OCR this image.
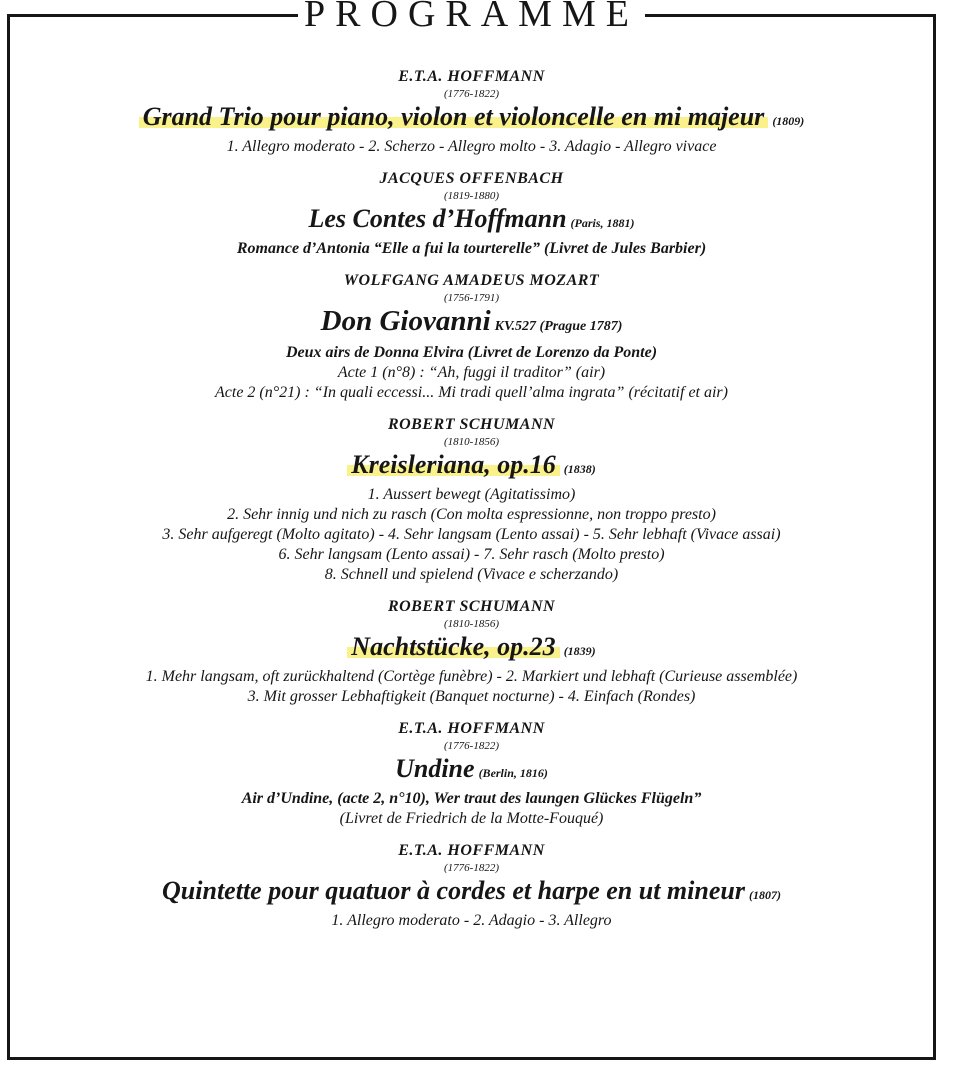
PROGRAMME
E.T.A. HOFFMANN
(1776-1822)
Grand Trio pour piano, violon et violoncelle en mi majeur (1809)
1. Allegro moderato - 2. Scherzo - Allegro molto - 3. Adagio - Allegro vivace
JACQUES OFFENBACH
(1819-1880)
Les Contes d’Hoffmann (Paris, 1881)
Romance d’Antonia “Elle a fui la tourterelle” (Livret de Jules Barbier)
WOLFGANG AMADEUS MOZART
(1756-1791)
Don Giovanni KV.527 (Prague 1787)
Deux airs de Donna Elvira (Livret de Lorenzo da Ponte)
Acte 1 (n°8) : “Ah, fuggi il traditor” (air)
Acte 2 (n°21) : “In quali eccessi... Mi tradi quell’alma ingrata” (récitatif et air)
ROBERT SCHUMANN
(1810-1856)
Kreisleriana, op.16 (1838)
1. Aussert bewegt (Agitatissimo)
2. Sehr innig und nich zu rasch (Con molta espressionne, non troppo presto)
3. Sehr aufgeregt (Molto agitato) - 4. Sehr langsam (Lento assai) - 5. Sehr lebhaft (Vivace assai)
6. Sehr langsam (Lento assai) - 7. Sehr rasch (Molto presto)
8. Schnell und spielend (Vivace e scherzando)
ROBERT SCHUMANN
(1810-1856)
Nachtstücke, op.23 (1839)
1. Mehr langsam, oft zurückhaltend (Cortège funèbre) - 2. Markiert und lebhaft (Curieuse assemblée)
3. Mit grosser Lebhaftigkeit (Banquet nocturne) - 4. Einfach (Rondes)
E.T.A. HOFFMANN
(1776-1822)
Undine (Berlin, 1816)
Air d’Undine, (acte 2, n°10), Wer traut des laungen Glückes Flügeln”
(Livret de Friedrich de la Motte-Fouqué)
E.T.A. HOFFMANN
(1776-1822)
Quintette pour quatuor à cordes et harpe en ut mineur (1807)
1. Allegro moderato - 2. Adagio - 3. Allegro
